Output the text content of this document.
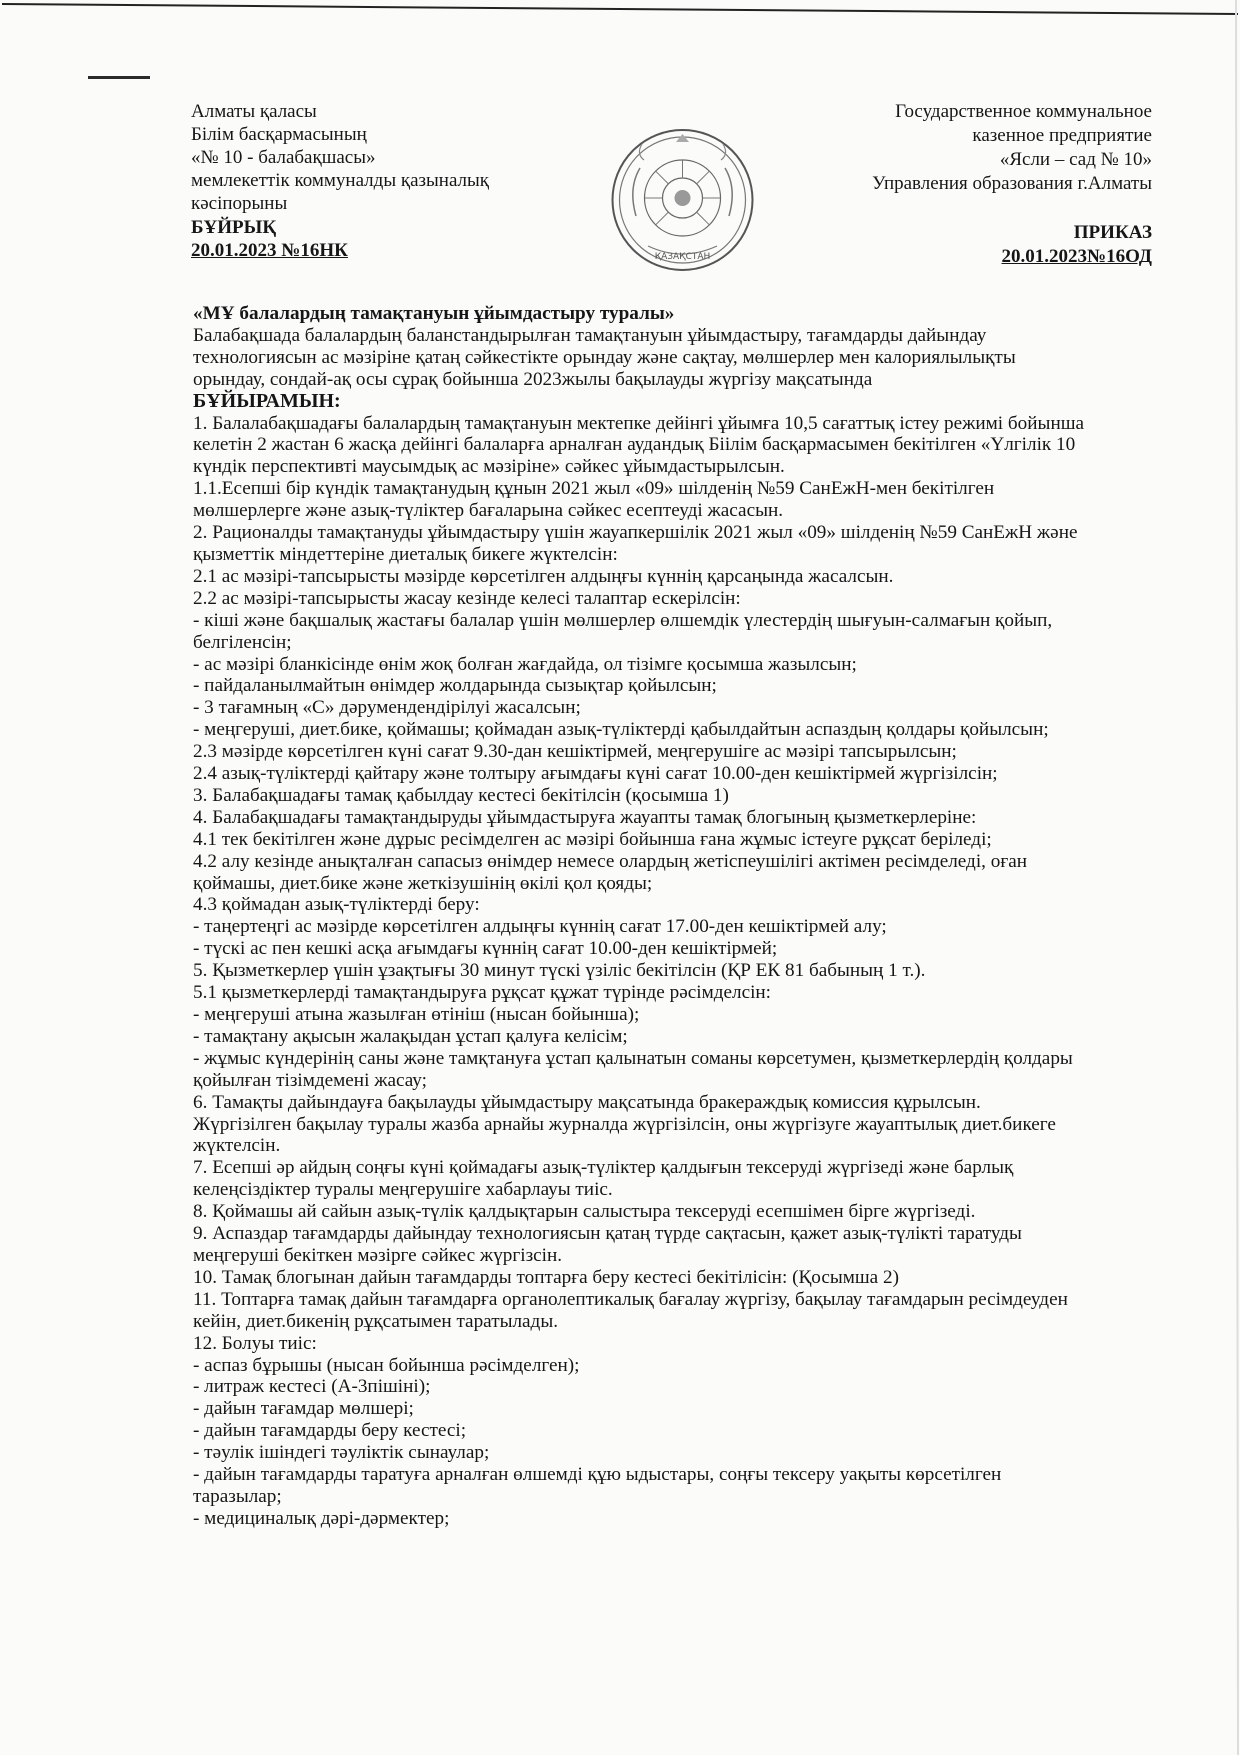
Алматы қаласы
Білім басқармасының
«№ 10 - балабақшасы»
мемлекеттік коммуналды қазыналық
кәсіпорыны
БҰЙРЫҚ
20.01.2023 №16НК
Государственное коммунальное
казенное предприятие
«Ясли – сад № 10»
Управления образования г.Алматы
ПРИКАЗ
20.01.2023№16ОД
ҚАЗАҚСТАН

«МҰ балалардың тамақтануын ұйымдастыру туралы»

Балабақшада балалардың баланстандырылған тамақтануын ұйымдастыру, тағамдарды дайындау

технологиясын ас мәзіріне қатаң сәйкестікте орындау және сақтау, мөлшерлер мен калориялылықты

орындау, сондай-ақ осы сұрақ бойынша 2023жылы бақылауды жүргізу мақсатында

БҰЙЫРАМЫН:

1. Балалабақшадағы балалардың тамақтануын мектепке дейінгі ұйымға 10,5 сағаттық істеу режимі бойынша

келетін 2 жастан 6 жасқа дейінгі балаларға арналған аудандық Біілім басқармасымен бекітілген «Үлгілік 10

күндік перспективті маусымдық ас мәзіріне» сәйкес ұйымдастырылсын.

1.1.Есепші бір күндік тамақтанудың құнын 2021 жыл «09» шілденің №59 СанЕжН-мен бекітілген

мөлшерлерге және азық-түліктер бағаларына сәйкес есептеуді жасасын.

2. Рационалды тамақтануды ұйымдастыру үшін жауапкершілік 2021 жыл «09» шілденің №59 СанЕжН және

қызметтік міндеттеріне диеталық бикеге жүктелсін:

2.1 ас мәзірі-тапсырысты мәзірде көрсетілген алдыңғы күннің қарсаңында жасалсын.

2.2 ас мәзірі-тапсырысты жасау кезінде келесі талаптар ескерілсін:

- кіші және бақшалық жастағы балалар үшін мөлшерлер өлшемдік үлестердің шығуын-салмағын қойып,

белгіленсін;

- ас мәзірі бланкісінде өнім жоқ болған жағдайда, ол тізімге қосымша жазылсын;

- пайдаланылмайтын өнімдер жолдарында сызықтар қойылсын;

- 3 тағамның «С» дәрумендендірілуі жасалсын;

- меңгеруші, диет.бике, қоймашы; қоймадан азық-түліктерді қабылдайтын аспаздың қолдары қойылсын;

2.3 мәзірде көрсетілген күні сағат 9.30-дан кешіктірмей, меңгерушіге ас мәзірі тапсырылсын;

2.4 азық-түліктерді қайтару және толтыру ағымдағы күні сағат 10.00-ден кешіктірмей жүргізілсін;

3. Балабақшадағы тамақ қабылдау кестесі бекітілсін (қосымша 1)

4. Балабақшадағы тамақтандыруды ұйымдастыруға жауапты тамақ блогының қызметкерлеріне:

4.1 тек бекітілген және дұрыс ресімделген ас мәзірі бойынша ғана жұмыс істеуге рұқсат беріледі;

4.2 алу кезінде анықталған сапасыз өнімдер немесе олардың жетіспеушілігі актімен ресімделеді, оған

қоймашы, диет.бике және жеткізушінің өкілі қол қояды;

4.3 қоймадан азық-түліктерді беру:

- таңертеңгі ас мәзірде көрсетілген алдыңғы күннің сағат 17.00-ден кешіктірмей алу;

- түскі ас пен кешкі асқа ағымдағы күннің сағат 10.00-ден кешіктірмей;

5. Қызметкерлер үшін ұзақтығы 30 минут түскі үзіліс бекітілсін (ҚР ЕК 81 бабының 1 т.).

5.1 қызметкерлерді тамақтандыруға рұқсат құжат түрінде рәсімделсін:

- меңгеруші атына жазылған өтініш (нысан бойынша);

- тамақтану ақысын жалақыдан ұстап қалуға келісім;

- жұмыс күндерінің саны және тамқтануға ұстап қалынатын соманы көрсетумен, қызметкерлердің қолдары

қойылған тізімдемені жасау;

6. Тамақты дайындауға бақылауды ұйымдастыру мақсатында бракераждық комиссия құрылсын.

Жүргізілген бақылау туралы жазба арнайы журналда жүргізілсін, оны жүргізуге жауаптылық диет.бикеге

жүктелсін.

7. Есепші әр айдың соңғы күні қоймадағы азық-түліктер қалдығын тексеруді жүргізеді және барлық

келеңсіздіктер туралы меңгерушіге хабарлауы тиіс.

8. Қоймашы ай сайын азық-түлік қалдықтарын салыстыра тексеруді есепшімен бірге жүргізеді.

9. Аспаздар тағамдарды дайындау технологиясын қатаң түрде сақтасын, қажет азық-түлікті таратуды

меңгеруші бекіткен мәзірге сәйкес жүргізсін.

10. Тамақ блогынан дайын тағамдарды топтарға беру кестесі бекітілісін: (Қосымша 2)

11. Топтарға тамақ дайын тағамдарға органолептикалық бағалау жүргізу, бақылау тағамдарын ресімдеуден

кейін, диет.бикенің рұқсатымен таратылады.

12. Болуы тиіс:

- аспаз бұрышы (нысан бойынша рәсімделген);

- литраж кестесі (А-3пішіні);

- дайын тағамдар мөлшері;

- дайын тағамдарды беру кестесі;

- тәулік ішіндегі тәуліктік сынаулар;

- дайын тағамдарды таратуға арналған өлшемді құю ыдыстары, соңғы тексеру уақыты көрсетілген

таразылар;

- медициналық дәрі-дәрмектер;
